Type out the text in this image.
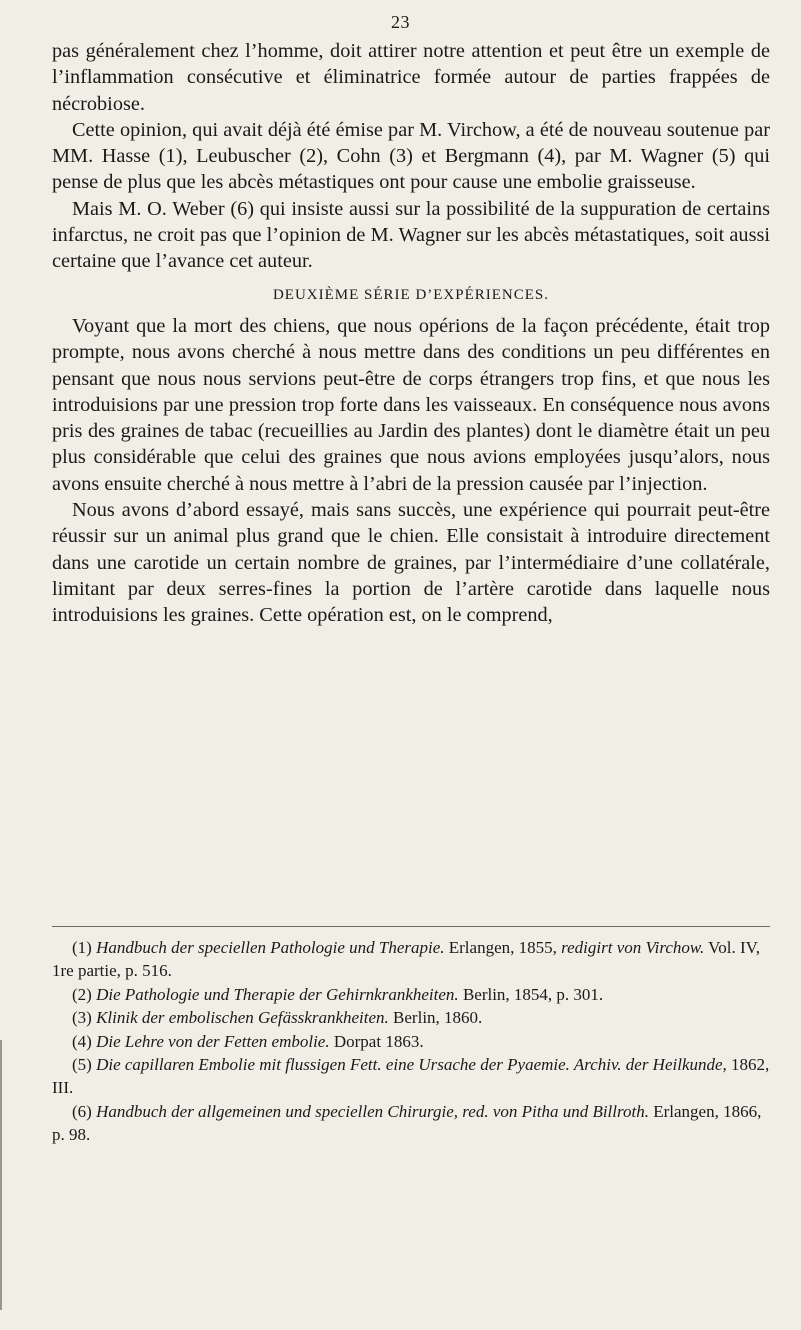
23

pas généralement chez l’homme, doit attirer notre attention et peut être un exemple de l’inflammation consécutive et éliminatrice formée autour de parties frappées de nécrobiose.

Cette opinion, qui avait déjà été émise par M. Virchow, a été de nouveau soutenue par MM. Hasse (1), Leubuscher (2), Cohn (3) et Bergmann (4), par M. Wagner (5) qui pense de plus que les abcès métastiques ont pour cause une embolie graisseuse.

Mais M. O. Weber (6) qui insiste aussi sur la possibilité de la suppuration de certains infarctus, ne croit pas que l’opinion de M. Wagner sur les abcès métastatiques, soit aussi certaine que l’avance cet auteur.

DEUXIÈME SÉRIE D’EXPÉRIENCES.

Voyant que la mort des chiens, que nous opérions de la façon précédente, était trop prompte, nous avons cherché à nous mettre dans des conditions un peu différentes en pensant que nous nous servions peut-être de corps étrangers trop fins, et que nous les introduisions par une pression trop forte dans les vaisseaux. En conséquence nous avons pris des graines de tabac (recueillies au Jardin des plantes) dont le diamètre était un peu plus considérable que celui des graines que nous avions employées jusqu’alors, nous avons ensuite cherché à nous mettre à l’abri de la pression causée par l’injection.

Nous avons d’abord essayé, mais sans succès, une expérience qui pourrait peut-être réussir sur un animal plus grand que le chien. Elle consistait à introduire directement dans une carotide un certain nombre de graines, par l’intermédiaire d’une collatérale, limitant par deux serres-fines la portion de l’artère carotide dans laquelle nous introduisions les graines. Cette opération est, on le comprend,

(1) Handbuch der speciellen Pathologie und Therapie. Erlangen, 1855, redigirt von Virchow. Vol. IV, 1re partie, p. 516.

(2) Die Pathologie und Therapie der Gehirnkrankheiten. Berlin, 1854, p. 301.

(3) Klinik der embolischen Gefässkrankheiten. Berlin, 1860.

(4) Die Lehre von der Fetten embolie. Dorpat 1863.

(5) Die capillaren Embolie mit flussigen Fett. eine Ursache der Pyaemie. Archiv. der Heilkunde, 1862, III.

(6) Handbuch der allgemeinen und speciellen Chirurgie, red. von Pitha und Billroth. Erlangen, 1866, p. 98.
